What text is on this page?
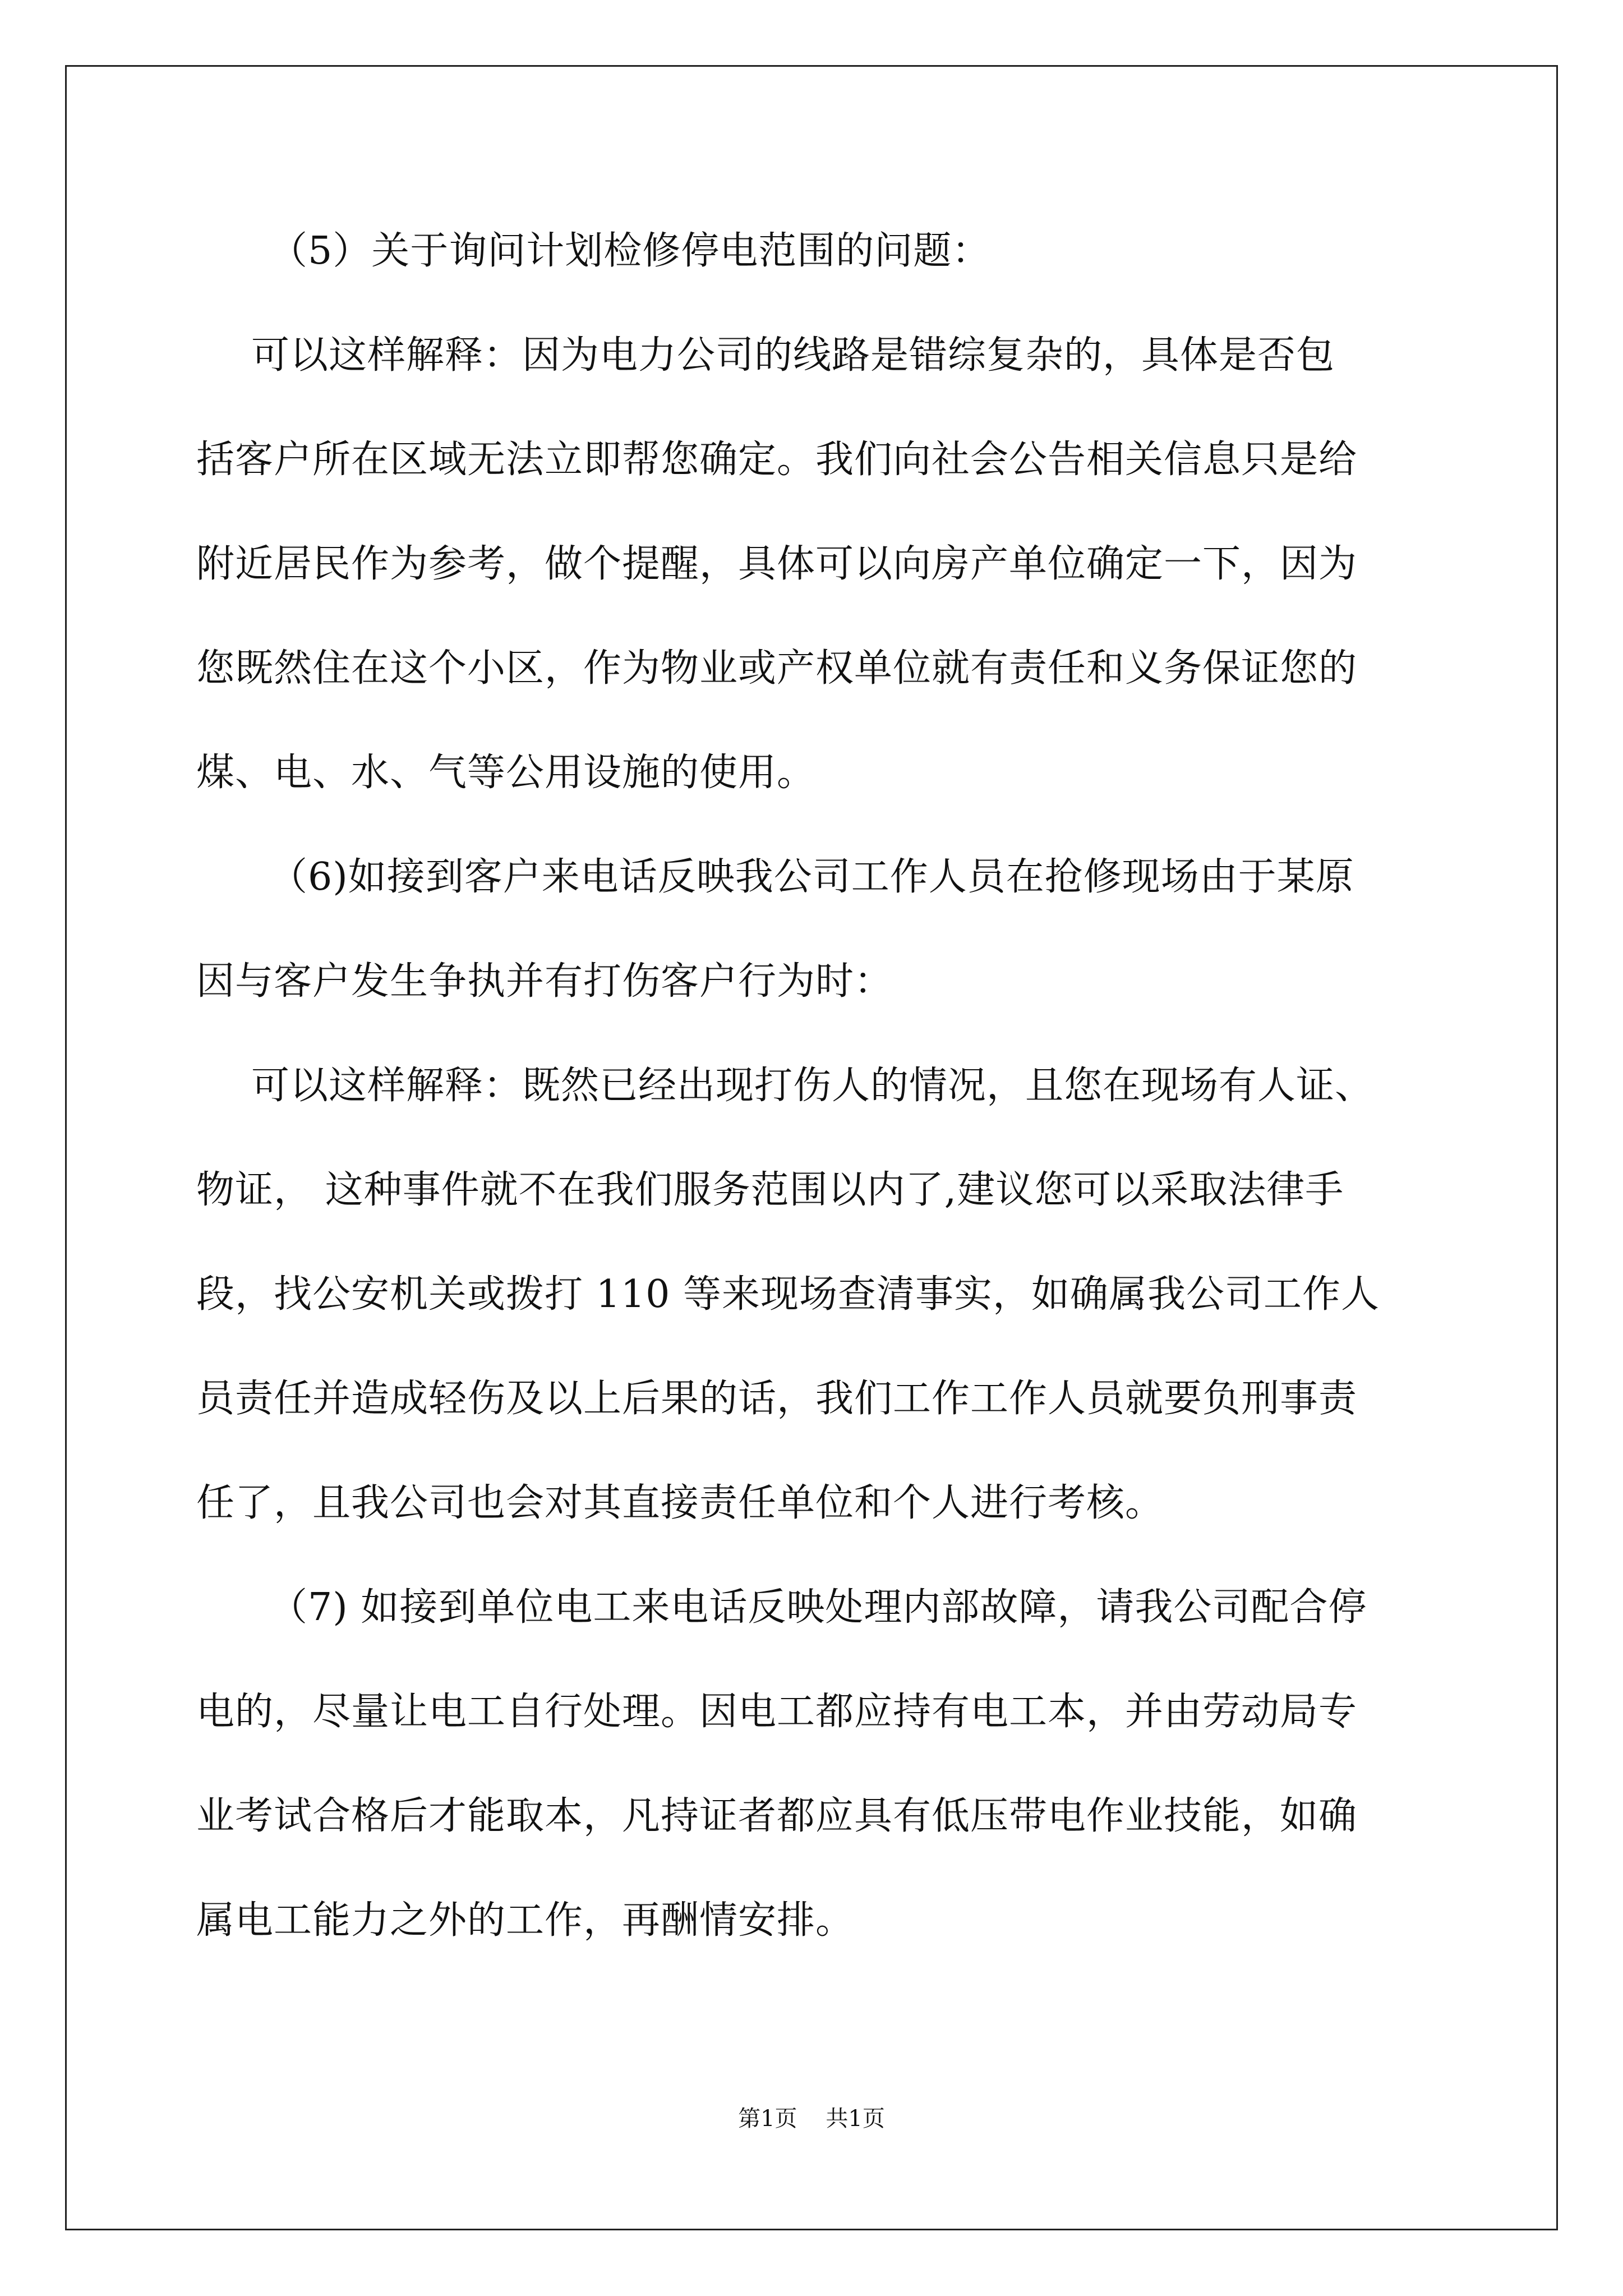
（5）关于询问计划检修停电范围的问题：
可以这样解释：因为电力公司的线路是错综复杂的，具体是否包
括客户所在区域无法立即帮您确定。我们向社会公告相关信息只是给
附近居民作为参考，做个提醒，具体可以向房产单位确定一下，因为
您既然住在这个小区，作为物业或产权单位就有责任和义务保证您的
煤、电、水、气等公用设施的使用。
（6)如接到客户来电话反映我公司工作人员在抢修现场由于某原
因与客户发生争执并有打伤客户行为时：
可以这样解释：既然已经出现打伤人的情况，且您在现场有人证、
物证， 这种事件就不在我们服务范围以内了,建议您可以采取法律手
段，找公安机关或拨打 110 等来现场查清事实，如确属我公司工作人
员责任并造成轻伤及以上后果的话，我们工作工作人员就要负刑事责
任了，且我公司也会对其直接责任单位和个人进行考核。
（7) 如接到单位电工来电话反映处理内部故障，请我公司配合停
电的，尽量让电工自行处理。因电工都应持有电工本，并由劳动局专
业考试合格后才能取本，凡持证者都应具有低压带电作业技能，如确
属电工能力之外的工作，再酬情安排。
第1页    共1页
